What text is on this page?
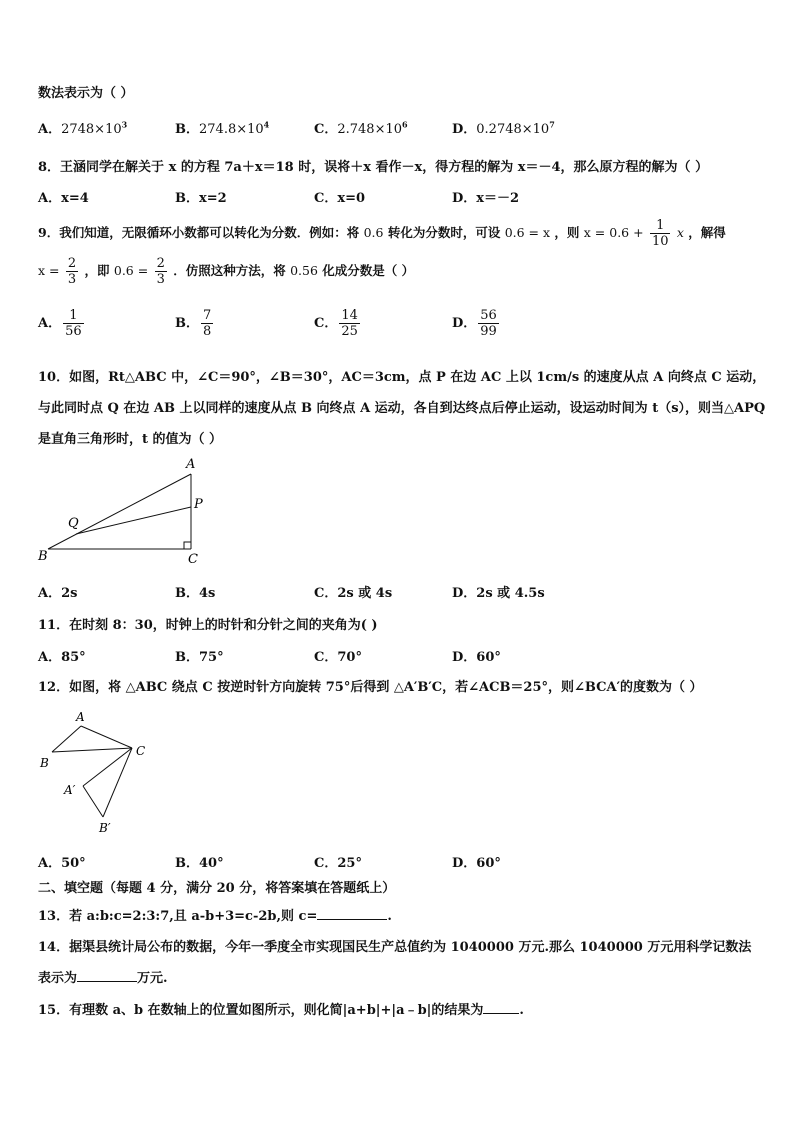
数法表示为（ ）
A．$2748\times 10^3$	B．$274.8\times 10^4$	C．$2.748\times 10^6$	D．$0.2748\times 10^7$
8．王涵同学在解关于 x 的方程 7a＋x＝18 时，误将＋x 看作－x，得方程的解为 x＝－4，那么原方程的解为（ ）
A．x=4	B．x=2	C．x=0	D．x＝－2
9．我们知道，无限循环小数都可以转化为分数．例如：将 0.6 转化为分数时，可设 0.6 = x ，则 $x = 0.6 + \frac{1}{10}$ x ，解得
$x = \frac{2}{3}$ ，即 $0.6 = \frac{2}{3}$ ．仿照这种方法，将 0.56 化成分数是（ ）
A． $\frac{1}{56}$	B． $\frac{7}{8}$	C． $\frac{14}{25}$	D． $\frac{56}{99}$
10．如图，Rt△ABC 中，∠C＝90°，∠B＝30°，AC＝3cm，点 P 在边 AC 上以 1cm/s 的速度从点 A 向终点 C 运动，
与此同时点 Q 在边 AB 上以同样的速度从点 B 向终点 A 运动，各自到达终点后停止运动，设运动时间为 t（s），则当△APQ
是直角三角形时，t 的值为（ ）
A
B	C
P
Q
A．2s	B．4s	C．2s 或 4s	D．2s 或 4.5s
11．在时刻 8：30，时钟上的时针和分针之间的夹角为( )
A．85°	B．75°	C．70°	D．60°
12．如图，将 △ABC 绕点 C 按逆时针方向旋转 75°后得到 △A′B′C，若∠ACB＝25°，则∠BCA′的度数为（ ）
A
B
C
A′
B′
A．50°	B．40°	C．25°	D．60°
二、填空题（每题 4 分，满分 20 分，将答案填在答题纸上）
13．若 a:b:c=2:3:7,且 a-b+3=c-2b,则 c=	.
14．据渠县统计局公布的数据，今年一季度全市实现国民生产总值约为 1040000 万元.那么 1040000 万元用科学记数法
表示为	万元.
15．有理数 a、b 在数轴上的位置如图所示，则化简|a+b|+|a﹣b|的结果为	.
